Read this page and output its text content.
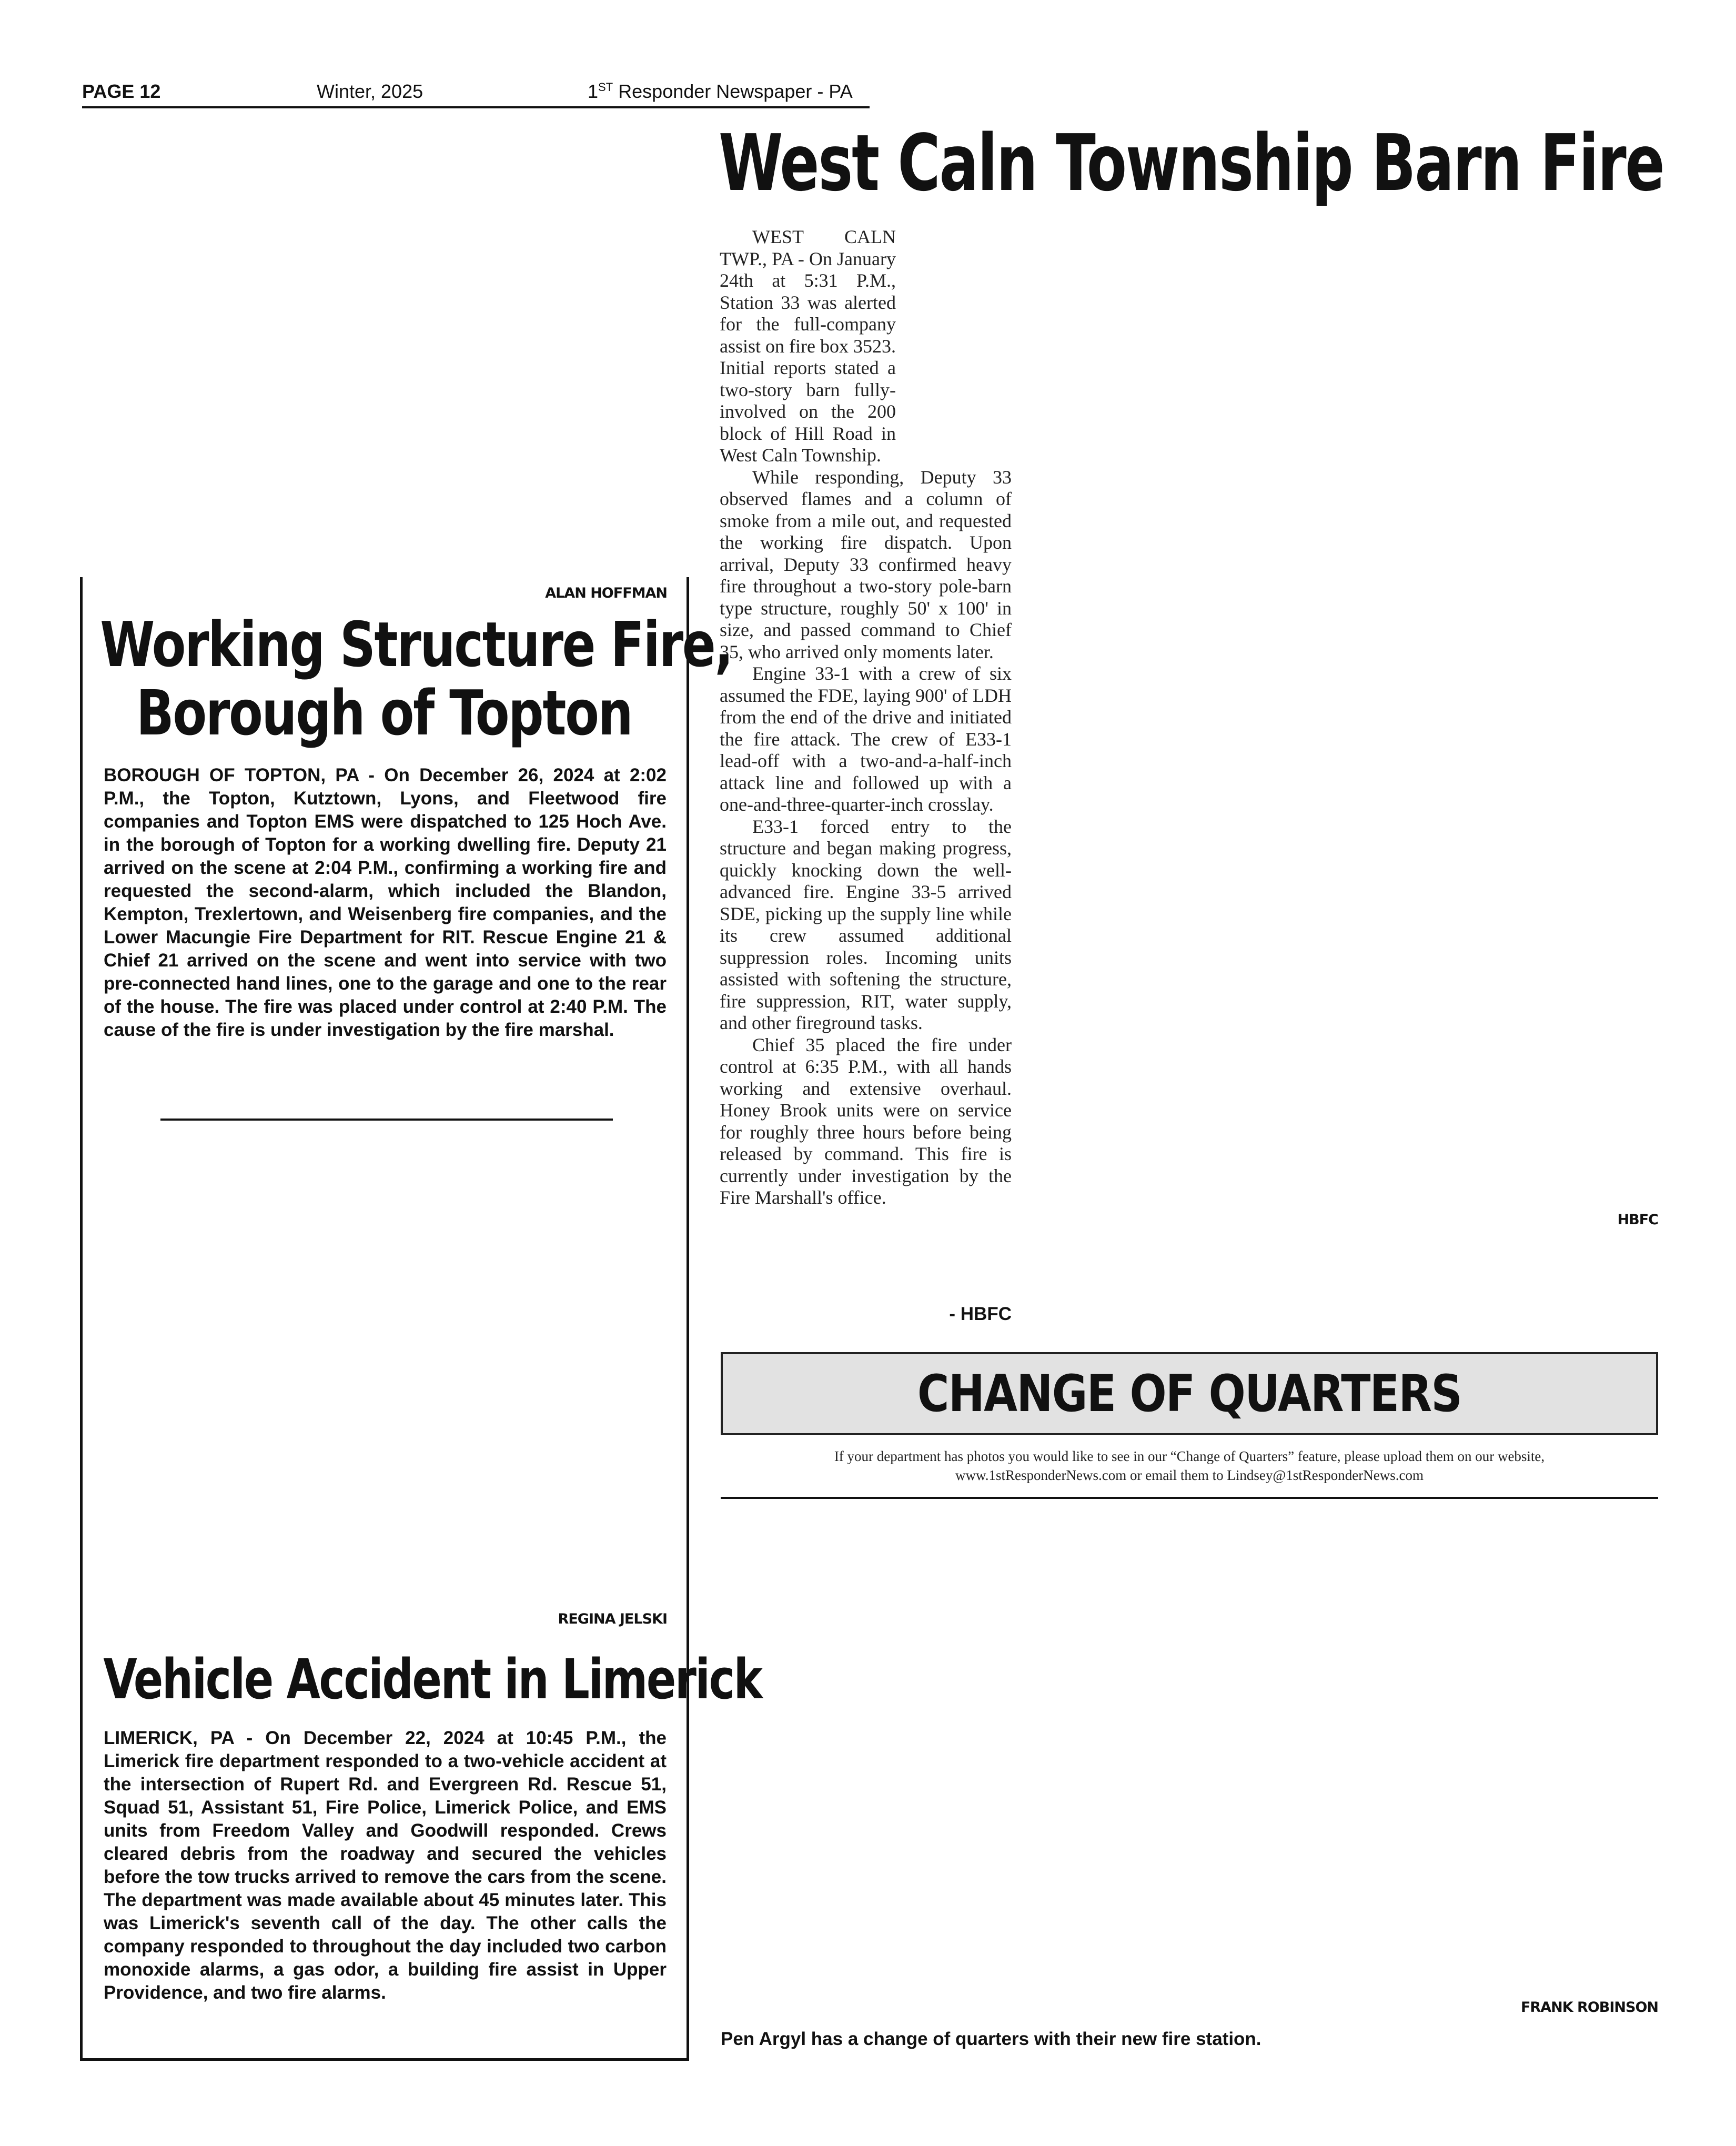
PAGE 12	Winter, 2025	1ST Responder Newspaper - PA
West Caln Township Barn Fire

WEST CALN TWP., PA - On January 24th at 5:31 P.M., Station 33 was alerted for the full-company assist on fire box 3523. Initial reports stated a two-story barn fully-involved on the 200 block of Hill Road in West Caln Township.

While responding, Deputy 33 observed flames and a column of smoke from a mile out, and requested the working fire dispatch. Upon arrival, Deputy 33 confirmed heavy fire throughout a two-story pole-barn type structure, roughly 50' x 100' in size, and passed command to Chief 35, who arrived only moments later.

Engine 33-1 with a crew of six assumed the FDE, laying 900' of LDH from the end of the drive and initiated the fire attack. The crew of E33-1 lead-off with a two-and-a-half-inch attack line and followed up with a one-and-three-quarter-inch crosslay.

E33-1 forced entry to the structure and began making progress, quickly knocking down the well-advanced fire. Engine 33-5 arrived SDE, picking up the supply line while its crew assumed additional suppression roles. Incoming units assisted with softening the structure, fire suppression, RIT, water supply, and other fireground tasks.

Chief 35 placed the fire under control at 6:35 P.M., with all hands working and extensive overhaul. Honey Brook units were on service for roughly three hours before being released by command. This fire is currently under investigation by the Fire Marshall's office.

- HBFC
HBFC
ALAN HOFFMAN
Working Structure Fire,
Borough of Topton
BOROUGH OF TOPTON, PA - On December 26, 2024 at 2:02 P.M., the Topton, Kutztown, Lyons, and Fleetwood fire companies and Topton EMS were dispatched to 125 Hoch Ave. in the borough of Topton for a working dwelling fire. Deputy 21 arrived on the scene at 2:04 P.M., confirming a working fire and requested the second-alarm, which included the Blandon, Kempton, Trexlertown, and Weisenberg fire companies, and the Lower Macungie Fire Department for RIT. Rescue Engine 21 & Chief 21 arrived on the scene and went into service with two pre-connected hand lines, one to the garage and one to the rear of the house. The fire was placed under control at 2:40 P.M. The cause of the fire is under investigation by the fire marshal.
REGINA JELSKI
Vehicle Accident in Limerick
LIMERICK, PA - On December 22, 2024 at 10:45 P.M., the Limerick fire department responded to a two-vehicle accident at the intersection of Rupert Rd. and Evergreen Rd. Rescue 51, Squad 51, Assistant 51, Fire Police, Limerick Police, and EMS units from Freedom Valley and Goodwill responded. Crews cleared debris from the roadway and secured the vehicles before the tow trucks arrived to remove the cars from the scene. The department was made available about 45 minutes later. This was Limerick's seventh call of the day. The other calls the company responded to throughout the day included two carbon monoxide alarms, a gas odor, a building fire assist in Upper Providence, and two fire alarms.
CHANGE OF QUARTERS
If your department has photos you would like to see in our “Change of Quarters” feature, please upload them on our website,
www.1stResponderNews.com or email them to Lindsey@1stResponderNews.com
FRANK ROBINSON
Pen Argyl has a change of quarters with their new fire station.
